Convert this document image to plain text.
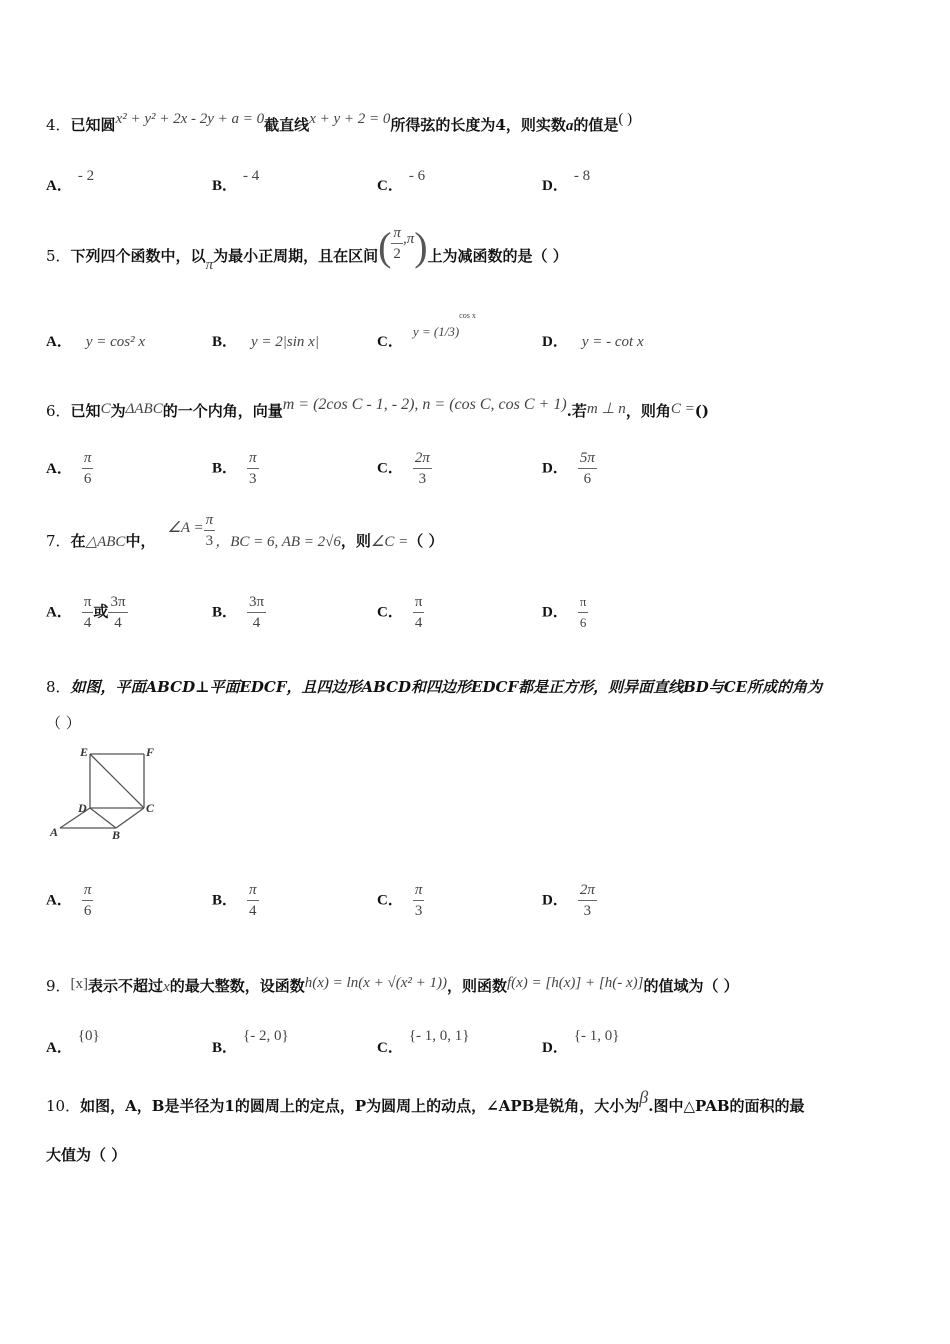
4．已知圆x² + y² + 2x - 2y + a = 0截直线x + y + 2 = 0所得弦的长度为4，则实数a的值是( )
A．- 2
B．- 4
C．- 6
D．- 8
5．下列四个函数中，以π为最小正周期，且在区间( $\frac{\pi}{2} ,\pi$)上为减函数的是（ ）
A． y = cos² x	B． y = 2|sin x|	C．$y = (1/3)^{cos x}$
D． y = - cot x
6．已知C为ΔABC的一个内角，向量m = (2cos C - 1, - 2), n = (cos C, cos C + 1).若m ⊥ n，则角C =()
A． $\frac{\pi}{6}$	B． $\frac{\pi}{3}$	C． $\frac{2\pi}{3}$	D． $\frac{5\pi}{6}$
7．在△ABC中，∠A = $\frac{\pi}{3}$ ，BC = 6, AB = 2√6，则∠C =（ ）
A． $\frac{\pi}{4}$ 或 $\frac{3\pi}{4}$	B． $\frac{3\pi}{4}$	C． $\frac{\pi}{4}$	D． $\frac{\pi}{6}$
8．如图，平面ABCD⊥平面EDCF，且四边形ABCD和四边形EDCF都是正方形，则异面直线BD与CE所成的角为
（ ）
E	F
D	C
A	B
A． $\frac{\pi}{6}$	B． $\frac{\pi}{4}$	C． $\frac{\pi}{3}$	D． $\frac{2\pi}{3}$
9．[x]表示不超过x的最大整数，设函数h(x) = ln(x + √(x² + 1))，则函数f(x) = [h(x)] + [h(- x)]的值域为（ ）
A．{0}
B．{- 2, 0}
C．{- 1, 0, 1}
D．{- 1, 0}
10．如图，A，B是半径为1的圆周上的定点，P为圆周上的动点，∠APB是锐角，大小为β.图中△PAB的面积的最
大值为（ ）
